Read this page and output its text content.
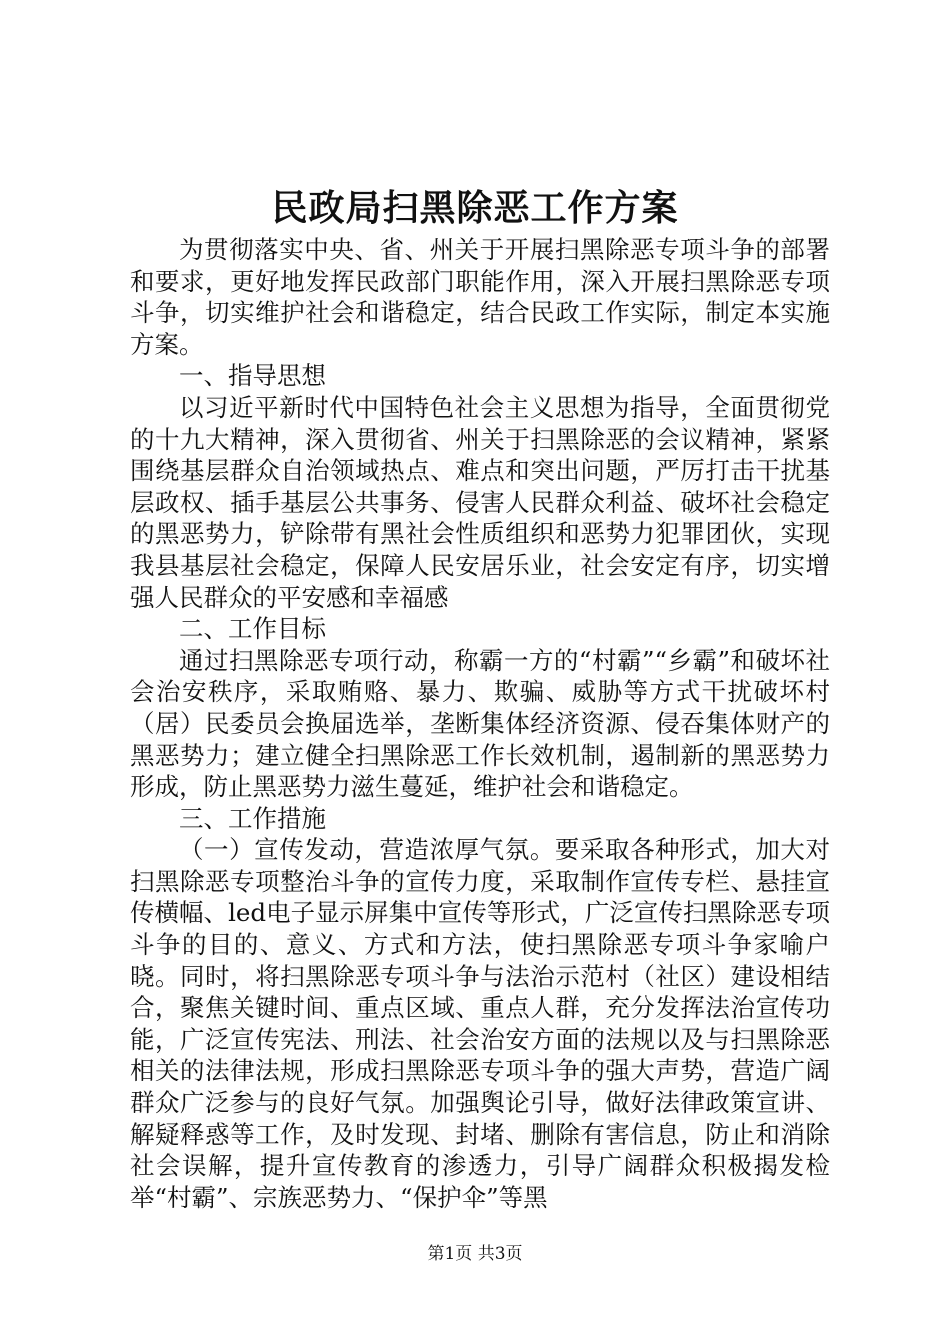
民政局扫黑除恶工作方案

为贯彻落实中央、省、州关于开展扫黑除恶专项斗争的部署和要求，更好地发挥民政部门职能作用，深入开展扫黑除恶专项斗争，切实维护社会和谐稳定，结合民政工作实际，制定本实施方案。

一、指导思想

以习近平新时代中国特色社会主义思想为指导，全面贯彻党的十九大精神，深入贯彻省、州关于扫黑除恶的会议精神，紧紧围绕基层群众自治领域热点、难点和突出问题，严厉打击干扰基层政权、插手基层公共事务、侵害人民群众利益、破坏社会稳定的黑恶势力，铲除带有黑社会性质组织和恶势力犯罪团伙，实现我县基层社会稳定，保障人民安居乐业，社会安定有序，切实增强人民群众的平安感和幸福感

二、工作目标

通过扫黑除恶专项行动，称霸一方的“村霸”“乡霸”和破坏社会治安秩序，采取贿赂、暴力、欺骗、威胁等方式干扰破坏村（居）民委员会换届选举，垄断集体经济资源、侵吞集体财产的黑恶势力；建立健全扫黑除恶工作长效机制，遏制新的黑恶势力形成，防止黑恶势力滋生蔓延，维护社会和谐稳定。

三、工作措施

（一）宣传发动，营造浓厚气氛。要采取各种形式，加大对扫黑除恶专项整治斗争的宣传力度，采取制作宣传专栏、悬挂宣传横幅、led电子显示屏集中宣传等形式，广泛宣传扫黑除恶专项斗争的目的、意义、方式和方法，使扫黑除恶专项斗争家喻户晓。同时，将扫黑除恶专项斗争与法治示范村（社区）建设相结合，聚焦关键时间、重点区域、重点人群，充分发挥法治宣传功能，广泛宣传宪法、刑法、社会治安方面的法规以及与扫黑除恶相关的法律法规，形成扫黑除恶专项斗争的强大声势，营造广阔群众广泛参与的良好气氛。加强舆论引导，做好法律政策宣讲、解疑释惑等工作，及时发现、封堵、删除有害信息，防止和消除社会误解，提升宣传教育的渗透力，引导广阔群众积极揭发检举“村霸”、宗族恶势力、“保护伞”等黑

第1页 共3页
